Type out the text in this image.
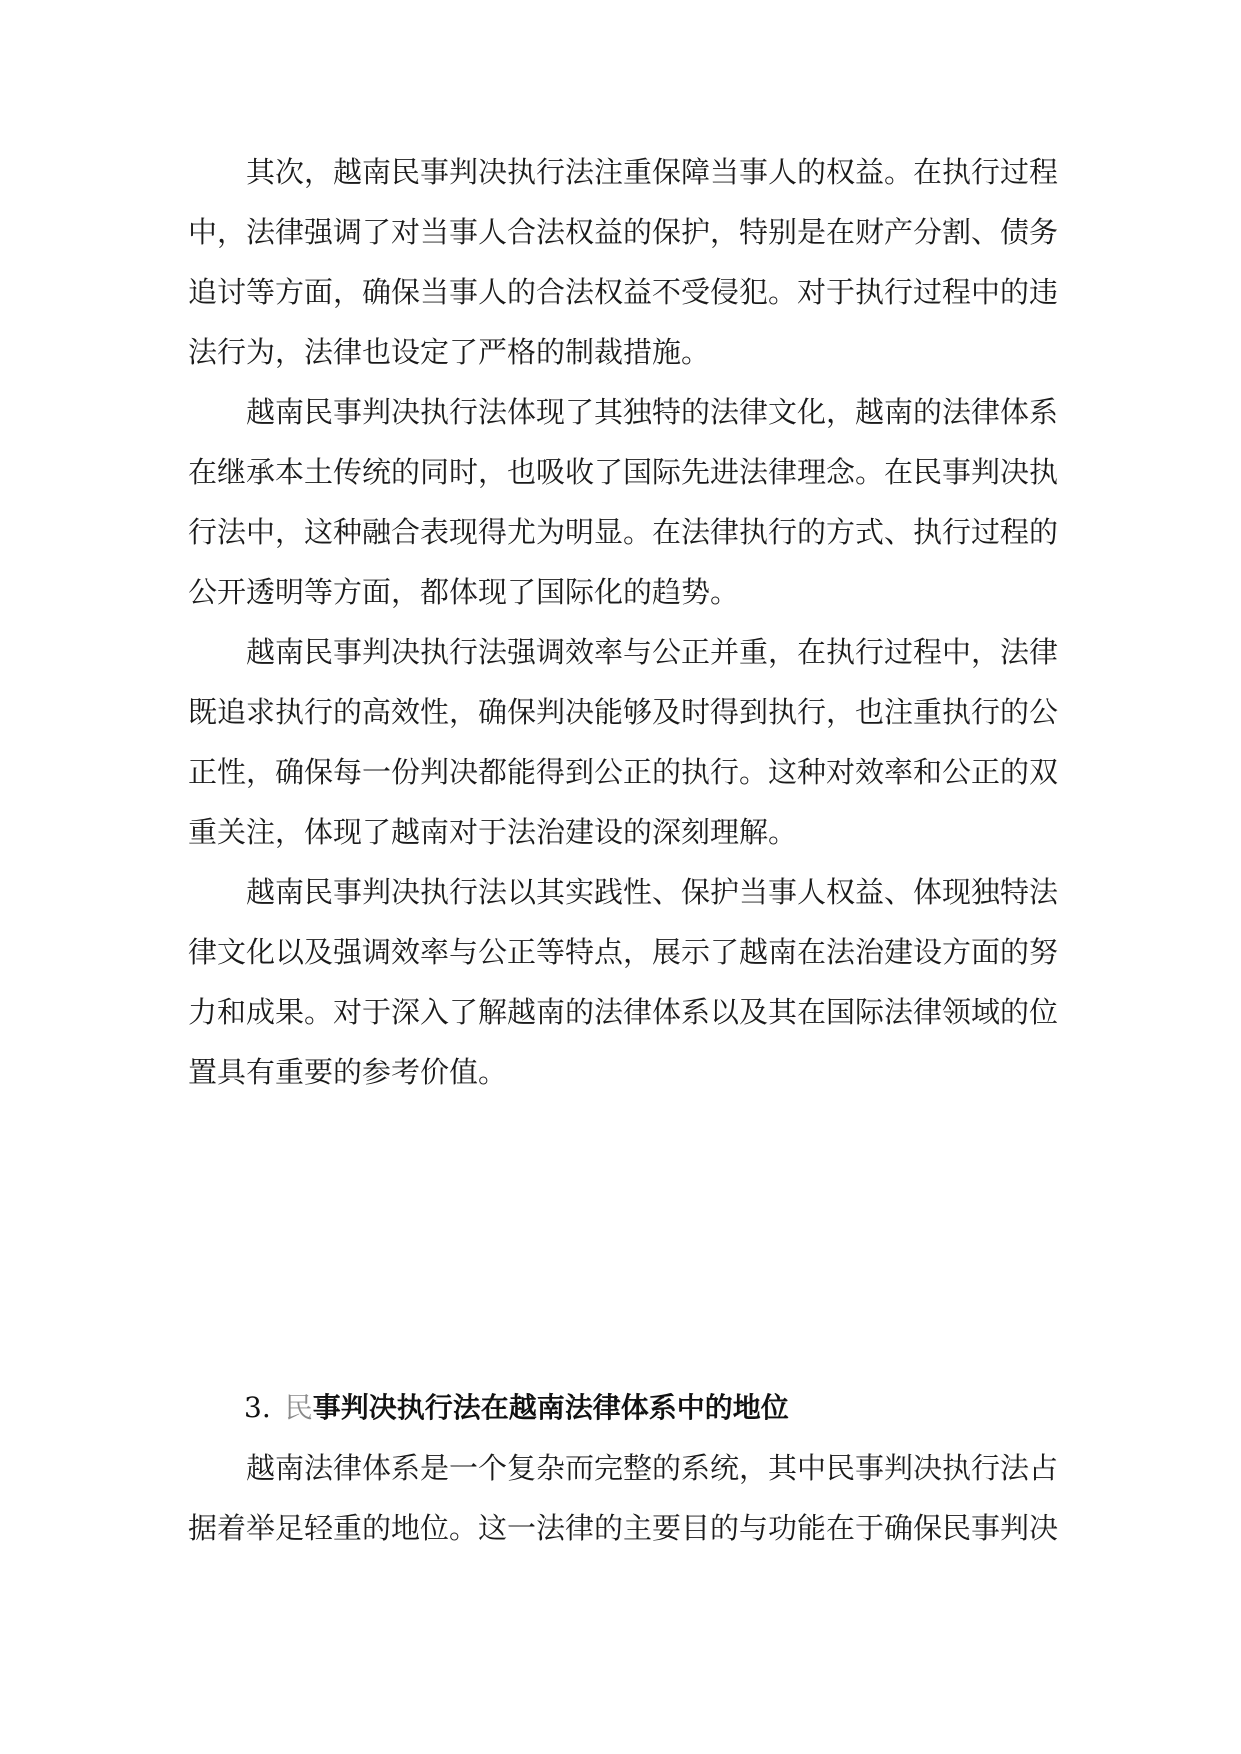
其次，越南民事判决执行法注重保障当事人的权益。在执行过程中，法律强调了对当事人合法权益的保护，特别是在财产分割、债务追讨等方面，确保当事人的合法权益不受侵犯。对于执行过程中的违法行为，法律也设定了严格的制裁措施。

越南民事判决执行法体现了其独特的法律文化，越南的法律体系在继承本土传统的同时，也吸收了国际先进法律理念。在民事判决执行法中，这种融合表现得尤为明显。在法律执行的方式、执行过程的公开透明等方面，都体现了国际化的趋势。

越南民事判决执行法强调效率与公正并重，在执行过程中，法律既追求执行的高效性，确保判决能够及时得到执行，也注重执行的公正性，确保每一份判决都能得到公正的执行。这种对效率和公正的双重关注，体现了越南对于法治建设的深刻理解。

越南民事判决执行法以其实践性、保护当事人权益、体现独特法律文化以及强调效率与公正等特点，展示了越南在法治建设方面的努力和成果。对于深入了解越南的法律体系以及其在国际法律领域的位置具有重要的参考价值。

3. 民事判决执行法在越南法律体系中的地位

越南法律体系是一个复杂而完整的系统，其中民事判决执行法占据着举足轻重的地位。这一法律的主要目的与功能在于确保民事判决
